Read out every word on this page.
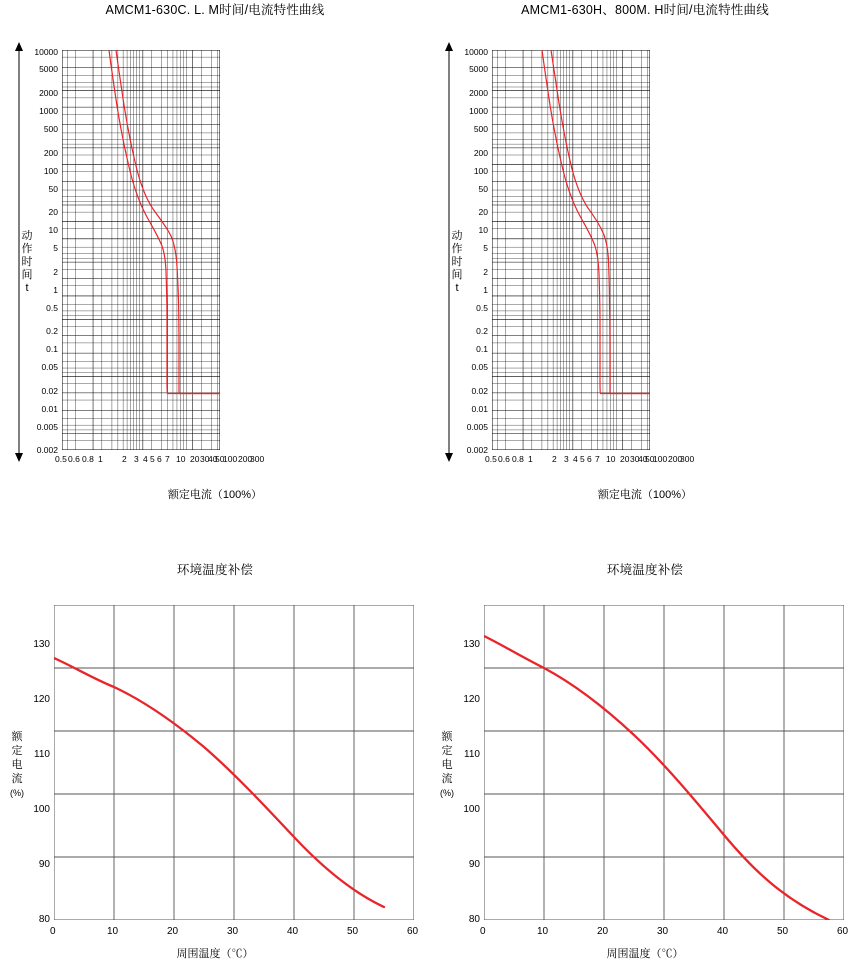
AMCM1-630C. L. M时间/电流特性曲线
动作时间t
10000
5000
2000
1000
500
200
100
50
20
10
5
2
1
0.5
0.2
0.1
0.05
0.02
0.01
0.005
0.002
0.5 0.6 0.8 1 2 3 4 5 6 7 10 20 30
40
50
100 200
300
额定电流（100%）
AMCM1-630H、800M. H时间/电流特性曲线
动作时间t
10000
5000
2000
1000
500
200
100
50
20
10
5
2
1
0.5
0.2
0.1
0.05
0.02
0.01
0.005
0.002
0.5 0.6 0.8 1 2 3 4 5 6 7 10 20 30
40
50
100 200
300
额定电流（100%）
环境温度补偿
额定电流
(%)
130
120
110
100
90
80
0	10	20	30	40	50	60
周围温度（℃）
环境温度补偿
额定电流
(%)
130
120
110
100
90
80
0	10	20	30	40	50	60
周围温度（℃）
